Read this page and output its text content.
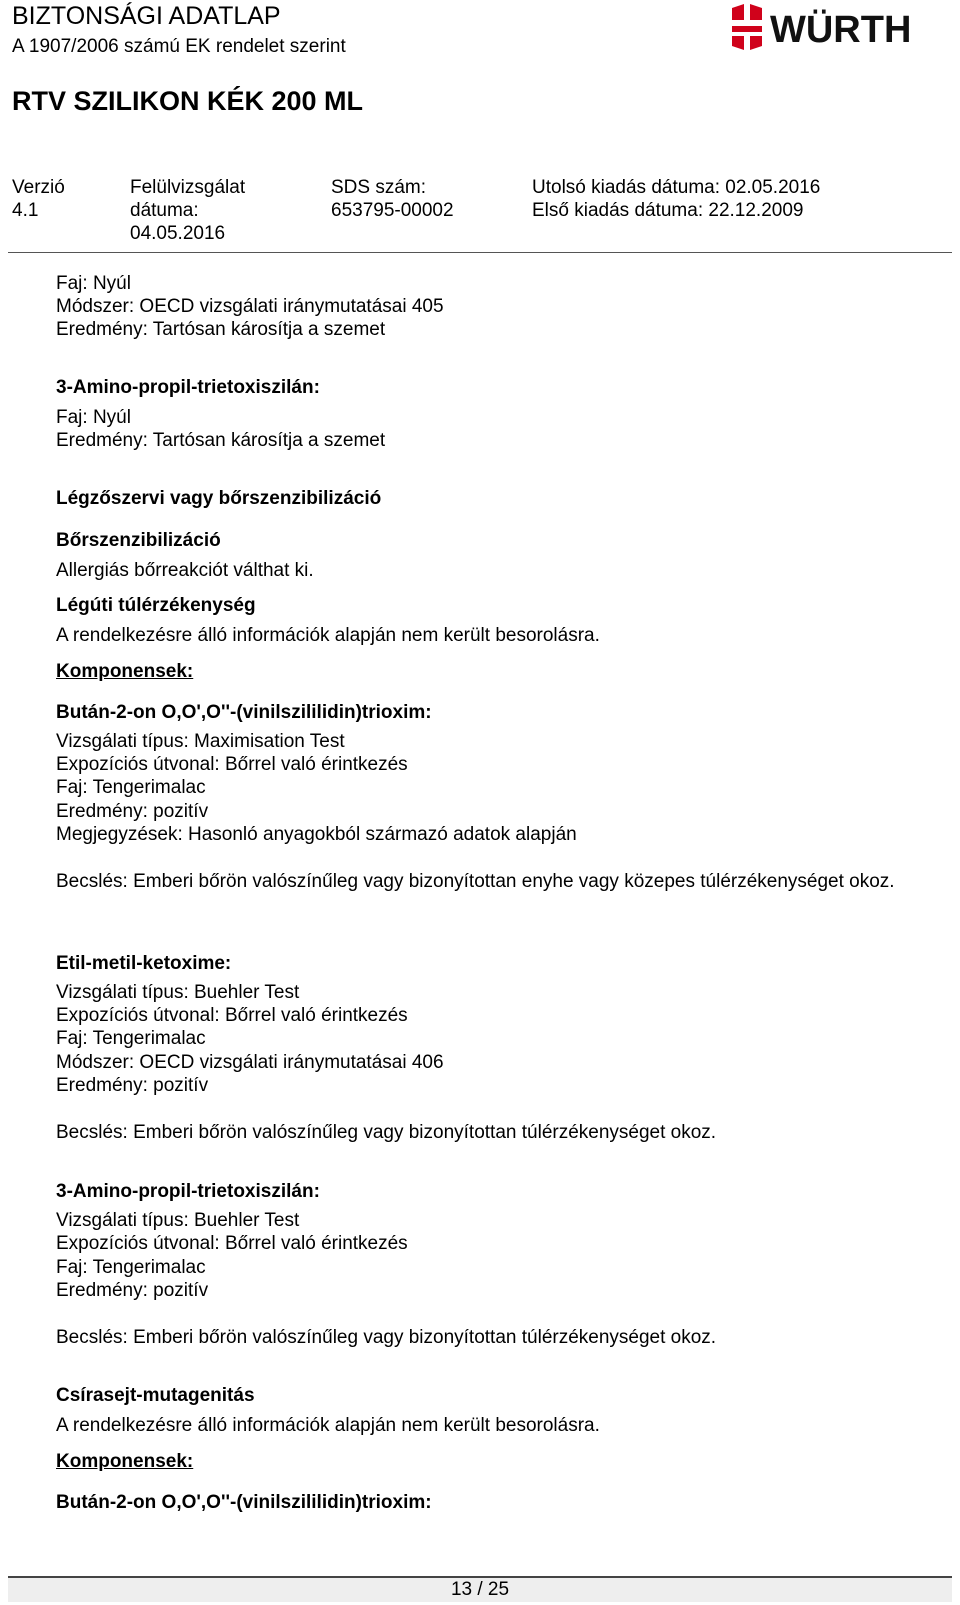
BIZTONSÁGI ADATLAP
A 1907/2006 számú EK rendelet szerint
RTV SZILIKON KÉK 200 ML
WÜRTH
Verzió
4.1
Felülvizsgálat
dátuma:
04.05.2016
SDS szám:
653795-00002
Utolsó kiadás dátuma: 02.05.2016
Első kiadás dátuma: 22.12.2009
Faj: Nyúl
Módszer: OECD vizsgálati iránymutatásai 405
Eredmény: Tartósan károsítja a szemet
3-Amino-propil-trietoxiszilán:
Faj: Nyúl
Eredmény: Tartósan károsítja a szemet
Légzőszervi vagy bőrszenzibilizáció
Bőrszenzibilizáció
Allergiás bőrreakciót válthat ki.
Légúti túlérzékenység
A rendelkezésre álló információk alapján nem került besorolásra.
Komponensek:
Bután-2-on O,O',O''-(vinilszililidin)trioxim:
Vizsgálati típus: Maximisation Test
Expozíciós útvonal: Bőrrel való érintkezés
Faj: Tengerimalac
Eredmény: pozitív
Megjegyzések: Hasonló anyagokból származó adatok alapján
Becslés: Emberi bőrön valószínűleg vagy bizonyítottan enyhe vagy közepes túlérzékenységet okoz.
Etil-metil-ketoxime:
Vizsgálati típus: Buehler Test
Expozíciós útvonal: Bőrrel való érintkezés
Faj: Tengerimalac
Módszer: OECD vizsgálati iránymutatásai 406
Eredmény: pozitív
Becslés: Emberi bőrön valószínűleg vagy bizonyítottan túlérzékenységet okoz.
3-Amino-propil-trietoxiszilán:
Vizsgálati típus: Buehler Test
Expozíciós útvonal: Bőrrel való érintkezés
Faj: Tengerimalac
Eredmény: pozitív
Becslés: Emberi bőrön valószínűleg vagy bizonyítottan túlérzékenységet okoz.
Csírasejt-mutagenitás
A rendelkezésre álló információk alapján nem került besorolásra.
Komponensek:
Bután-2-on O,O',O''-(vinilszililidin)trioxim:
13 / 25
